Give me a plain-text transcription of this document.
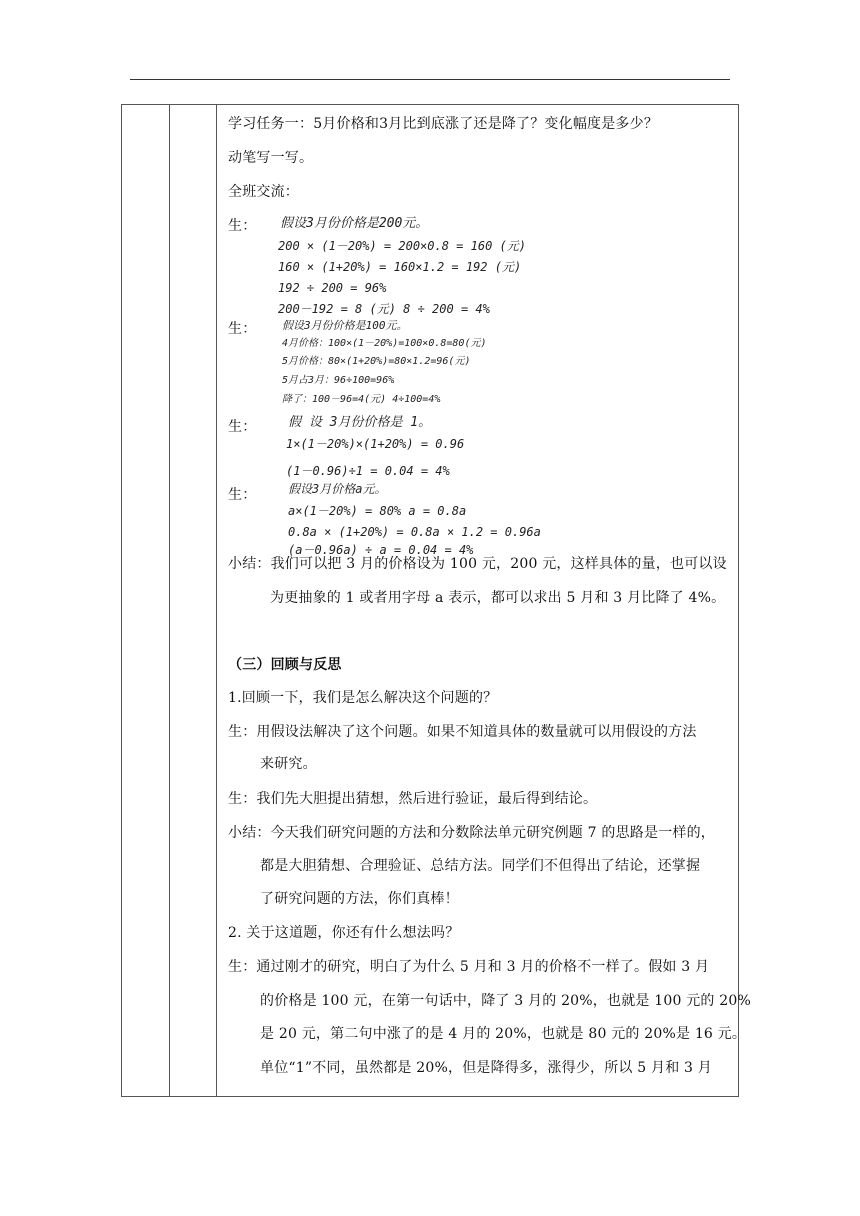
学习任务一：5月价格和3月比到底涨了还是降了？变化幅度是多少？
动笔写一写。
全班交流：
生： 假设3月份价格是200元。
200 × (1－20%) = 200×0.8 = 160 (元)
160 × (1+20%) = 160×1.2 = 192 (元)
192 ÷ 200 = 96%
200－192 = 8 (元) 8 ÷ 200 = 4%
生： 假设3月份价格是100元。
4月价格：100×(1－20%)=100×0.8=80(元)
5月价格：80×(1+20%)=80×1.2=96(元)
5月占3月：96÷100=96%
降了：100－96=4(元) 4÷100=4%
生： 假 设 3月份价格是 1。
1×(1－20%)×(1+20%) = 0.96
(1－0.96)÷1 = 0.04 = 4%
生：	假设3月价格a元。
a×(1－20%) = 80% a = 0.8a
0.8a × (1+20%) = 0.8a × 1.2 = 0.96a
(a－0.96a) ÷ a = 0.04 = 4%
小结：我们可以把 3 月的价格设为 100 元，200 元，这样具体的量，也可以设
为更抽象的 1 或者用字母 a 表示，都可以求出 5 月和 3 月比降了 4%。
（三）回顾与反思
1.回顾一下，我们是怎么解决这个问题的？
生：用假设法解决了这个问题。如果不知道具体的数量就可以用假设的方法
来研究。
生：我们先大胆提出猜想，然后进行验证，最后得到结论。
小结：今天我们研究问题的方法和分数除法单元研究例题 7 的思路是一样的，
都是大胆猜想、合理验证、总结方法。同学们不但得出了结论，还掌握
了研究问题的方法，你们真棒！
2. 关于这道题，你还有什么想法吗？
生：通过刚才的研究，明白了为什么 5 月和 3 月的价格不一样了。假如 3 月
的价格是 100 元，在第一句话中，降了 3 月的 20%，也就是 100 元的 20%
是 20 元，第二句中涨了的是 4 月的 20%，也就是 80 元的 20%是 16 元。
单位“1”不同，虽然都是 20%，但是降得多，涨得少，所以 5 月和 3 月
